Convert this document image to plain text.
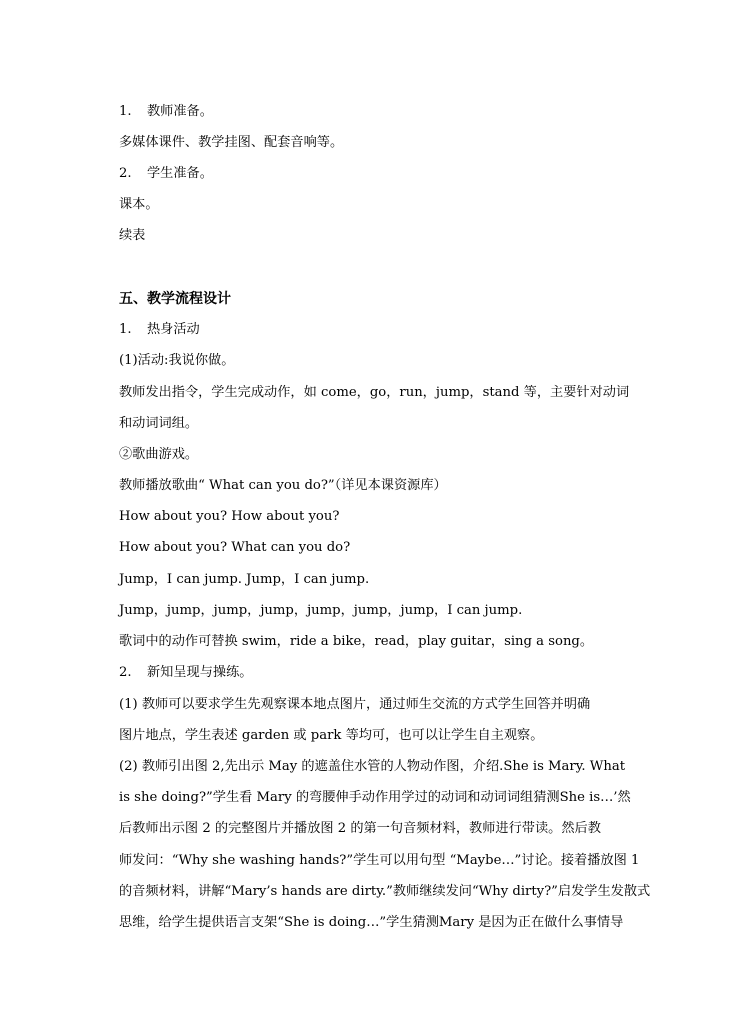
1. 教师准备。
多媒体课件、教学挂图、配套音响等。
2. 学生准备。
课本。
续表
五、教学流程设计
1. 热身活动
(1)活动:我说你做。
教师发出指令，学生完成动作，如 come，go，run，jump，stand 等，主要针对动词
和动词词组。
②歌曲游戏。
教师播放歌曲“ What can you do?”（详见本课资源库）
How about you? How about you?
How about you? What can you do?
Jump，I can jump. Jump，I can jump.
Jump，jump，jump，jump，jump，jump，jump，I can jump.
歌词中的动作可替换 swim，ride a bike，read，play guitar，sing a song。
2. 新知呈现与操练。
(1) 教师可以要求学生先观察课本地点图片，通过师生交流的方式学生回答并明确
图片地点，学生表述 garden 或 park 等均可，也可以让学生自主观察。
(2) 教师引出图 2,先出示 May 的遮盖住水管的人物动作图，介绍.She is Mary. What
is she doing?”学生看 Mary 的弯腰伸手动作用学过的动词和动词词组猜测She is…’然
后教师出示图 2 的完整图片并播放图 2 的第一句音频材料，教师进行带读。然后教
师发问：“Why she washing hands?”学生可以用句型 “Maybe…”讨论。接着播放图 1
的音频材料，讲解“Mary’s hands are dirty.”教师继续发问“Why dirty?”启发学生发散式
思维，给学生提供语言支架“She is doing…”学生猜测Mary 是因为正在做什么事情导
